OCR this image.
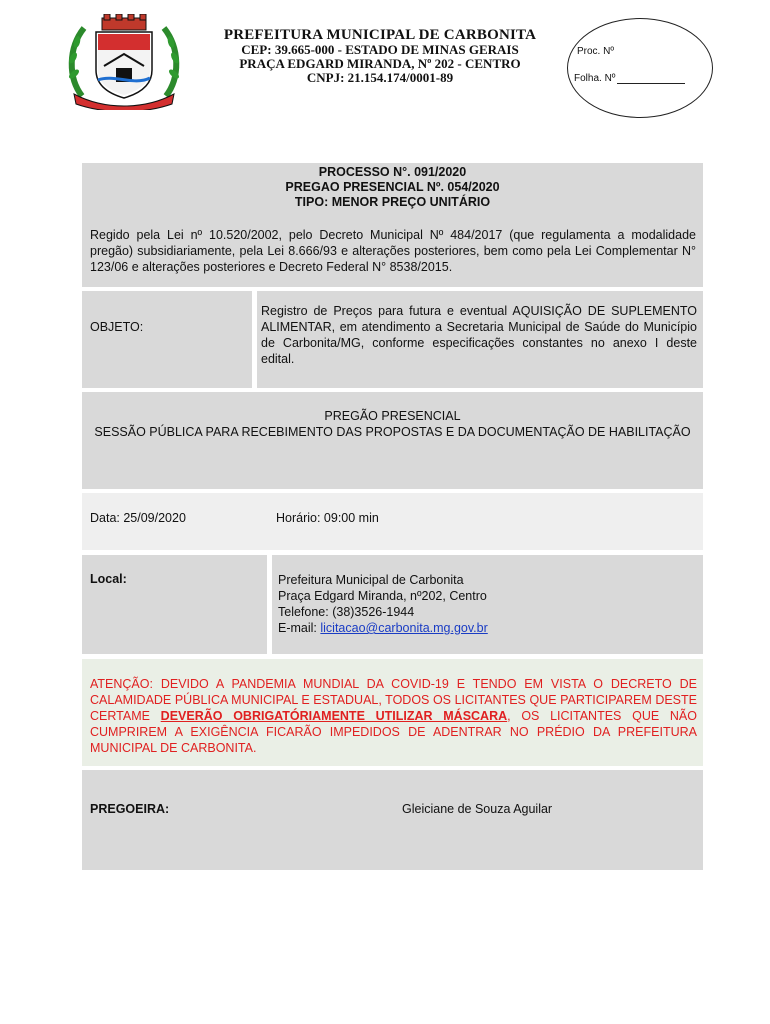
PREFEITURA MUNICIPAL DE CARBONITA
CEP: 39.665-000 - ESTADO DE MINAS GERAIS
PRAÇA EDGARD MIRANDA, Nº 202 - CENTRO
CNPJ: 21.154.174/0001-89
Proc. Nº
Folha. Nº
PROCESSO N°. 091/2020
PREGAO PRESENCIAL Nº. 054/2020
TIPO: MENOR PREÇO UNITÁRIO
Regido pela Lei nº 10.520/2002, pelo Decreto Municipal Nº 484/2017 (que regulamenta a modalidade pregão) subsidiariamente, pela Lei 8.666/93 e alterações posteriores, bem como pela Lei Complementar N° 123/06 e alterações posteriores e Decreto Federal N° 8538/2015.
OBJETO:
Registro de Preços para futura e eventual AQUISIÇÃO DE SUPLEMENTO ALIMENTAR, em atendimento a Secretaria Municipal de Saúde do Município de Carbonita/MG, conforme especificações constantes no anexo I deste edital.
PREGÃO PRESENCIAL
SESSÃO PÚBLICA PARA RECEBIMENTO DAS PROPOSTAS E DA DOCUMENTAÇÃO DE HABILITAÇÃO
Data: 25/09/2020	Horário: 09:00 min
Local:	Prefeitura Municipal de Carbonita
Praça Edgard Miranda, nº202, Centro
Telefone: (38)3526-1944
E-mail: licitacao@carbonita.mg.gov.br
ATENÇÃO: DEVIDO A PANDEMIA MUNDIAL DA COVID-19 E TENDO EM VISTA O DECRETO DE CALAMIDADE PÚBLICA MUNICIPAL E ESTADUAL, TODOS OS LICITANTES QUE PARTICIPAREM DESTE CERTAME DEVERÃO OBRIGATÓRIAMENTE UTILIZAR MÁSCARA, OS LICITANTES QUE NÃO CUMPRIREM A EXIGÊNCIA FICARÃO IMPEDIDOS DE ADENTRAR NO PRÉDIO DA PREFEITURA MUNICIPAL DE CARBONITA.
PREGOEIRA:	Gleiciane de Souza Aguilar
